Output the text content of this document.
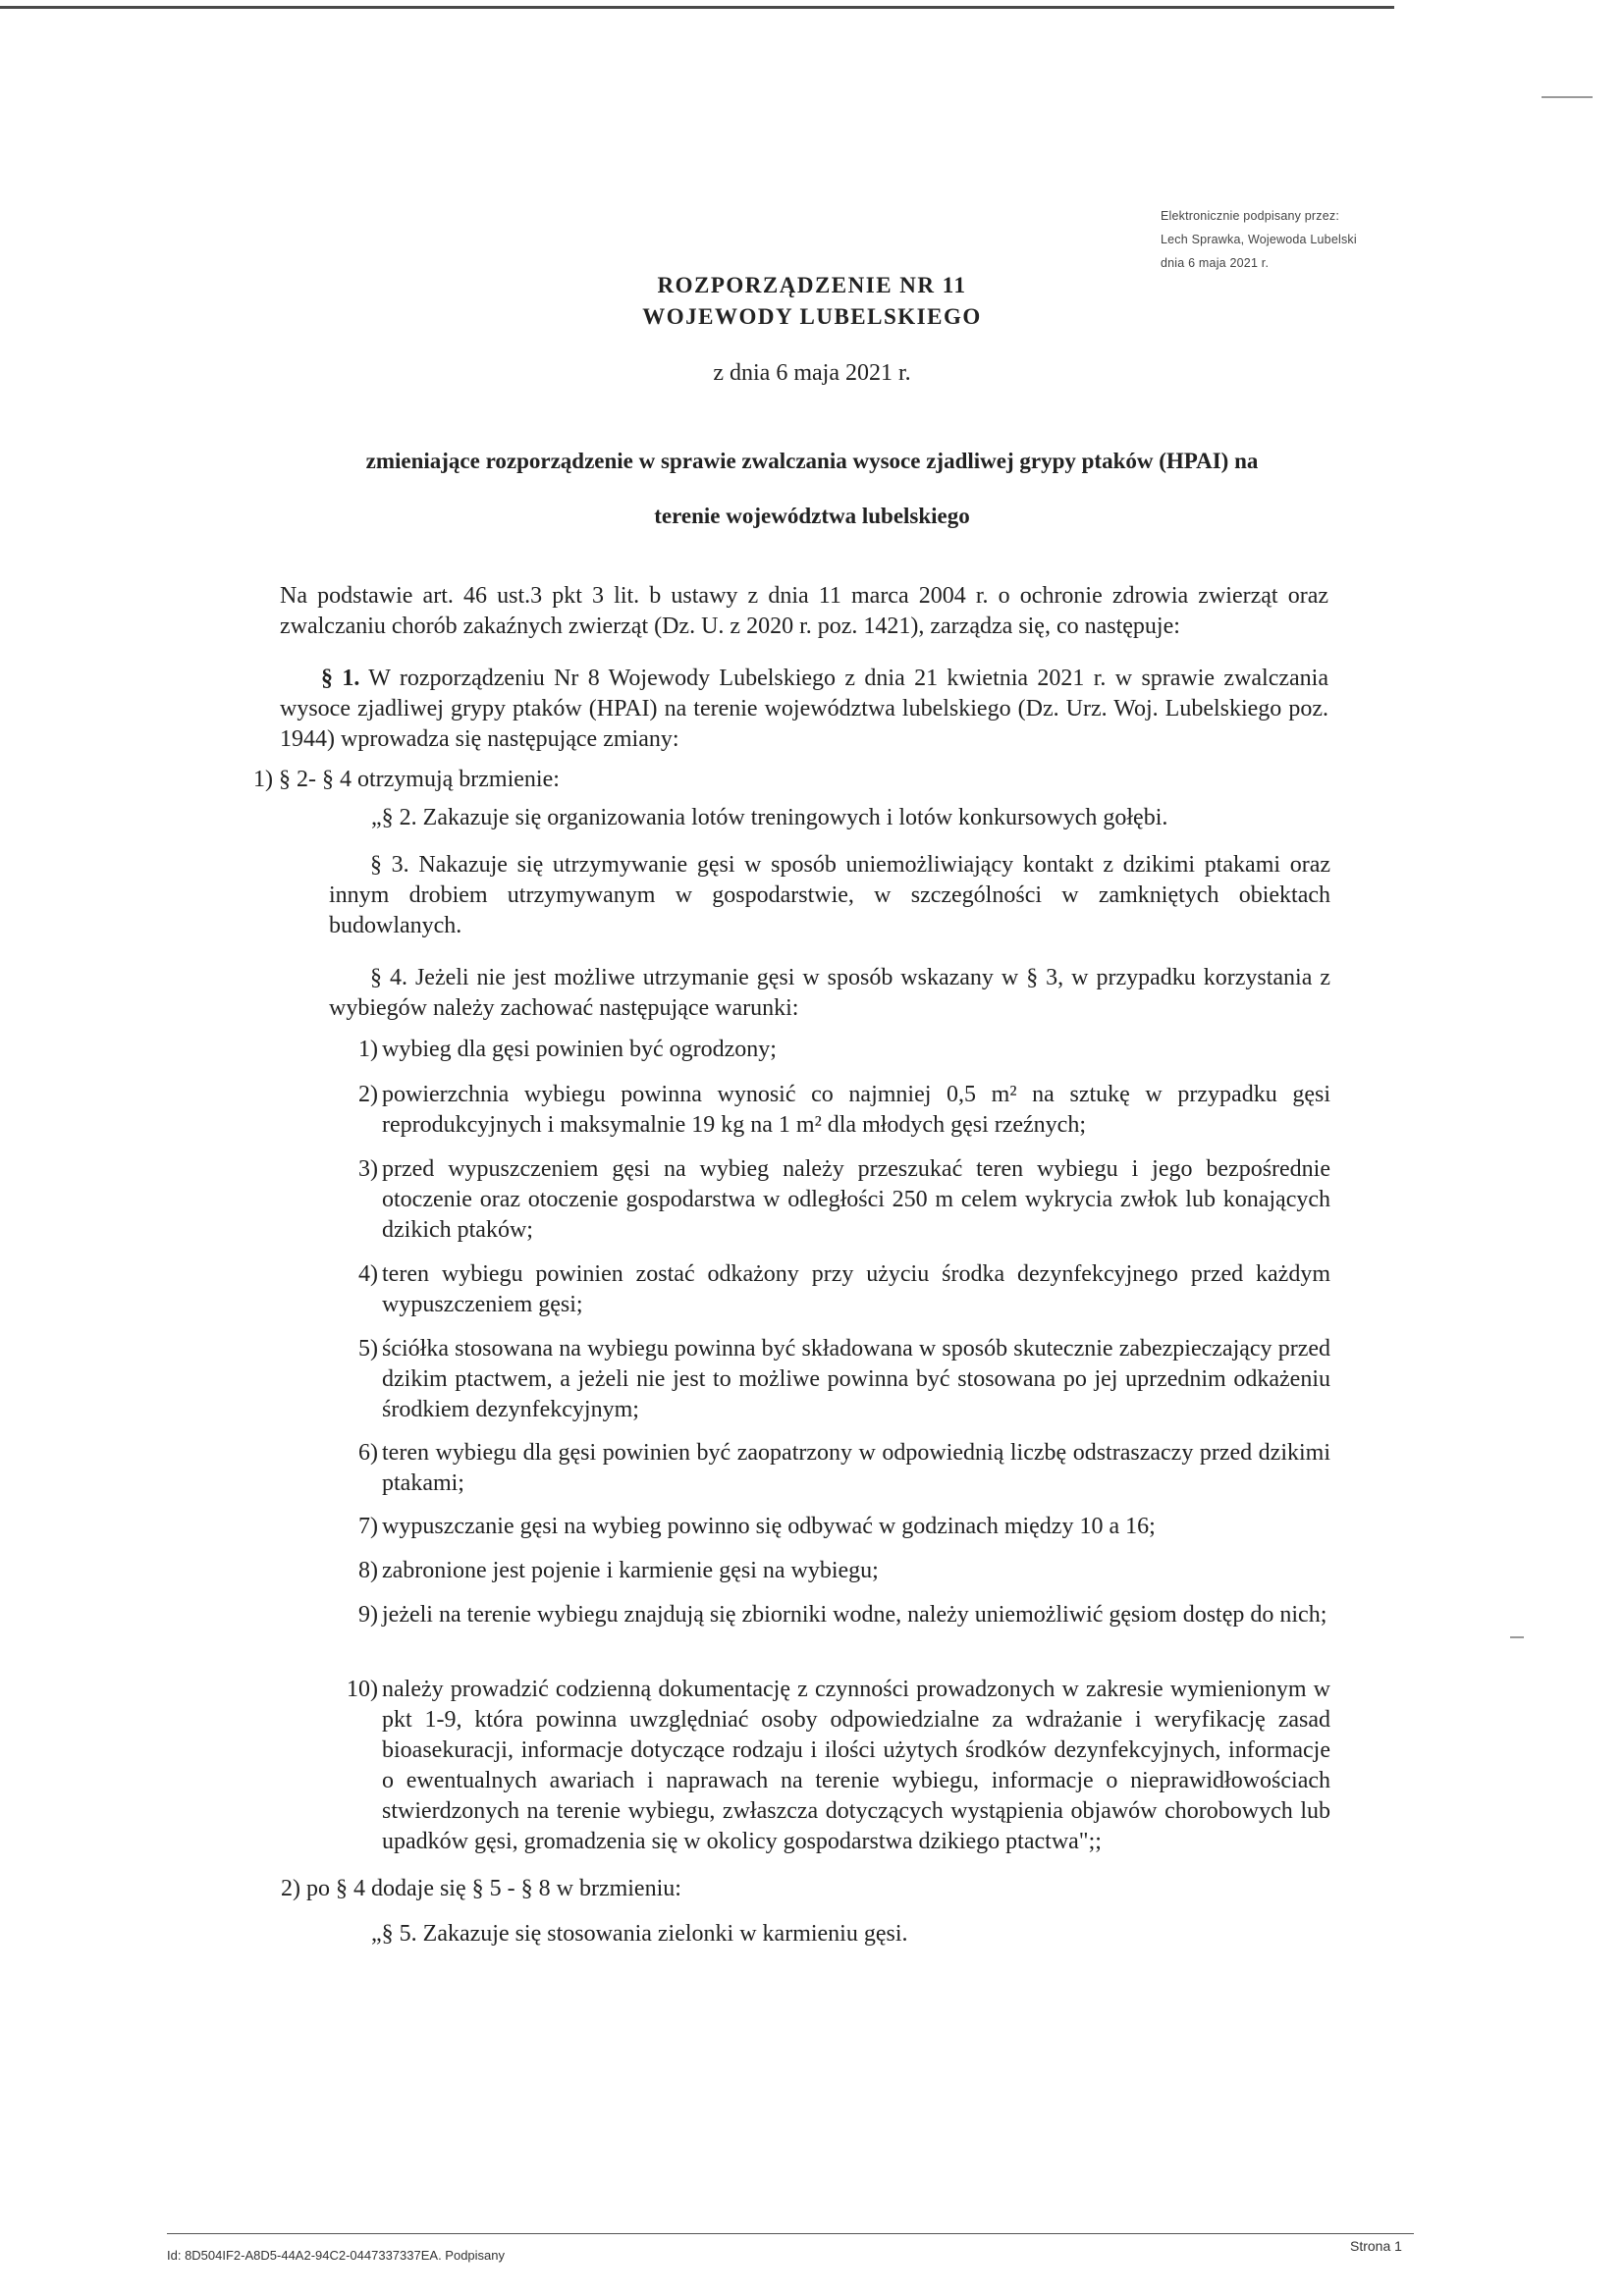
Elektronicznie podpisany przez:
Lech Sprawka, Wojewoda Lubelski
dnia 6 maja 2021 r.
ROZPORZĄDZENIE NR 11
WOJEWODY LUBELSKIEGO
z dnia 6 maja 2021 r.
zmieniające rozporządzenie w sprawie zwalczania wysoce zjadliwej grypy ptaków (HPAI) na
terenie województwa lubelskiego
Na podstawie art. 46 ust.3 pkt 3 lit. b ustawy z dnia 11 marca 2004 r. o ochronie zdrowia zwierząt oraz zwalczaniu chorób zakaźnych zwierząt (Dz. U. z 2020 r. poz. 1421), zarządza się, co następuje:
§ 1. W rozporządzeniu Nr 8 Wojewody Lubelskiego z dnia 21 kwietnia 2021 r. w sprawie zwalczania wysoce zjadliwej grypy ptaków (HPAI) na terenie województwa lubelskiego (Dz. Urz. Woj. Lubelskiego poz. 1944) wprowadza się następujące zmiany:
1) § 2- § 4 otrzymują brzmienie:
„§ 2. Zakazuje się organizowania lotów treningowych i lotów konkursowych gołębi.
§ 3. Nakazuje się utrzymywanie gęsi w sposób uniemożliwiający kontakt z dzikimi ptakami oraz innym drobiem utrzymywanym w gospodarstwie, w szczególności w zamkniętych obiektach budowlanych.
§ 4. Jeżeli nie jest możliwe utrzymanie gęsi w sposób wskazany w § 3, w przypadku korzystania z wybiegów należy zachować następujące warunki:
1) wybieg dla gęsi powinien być ogrodzony;
2) powierzchnia wybiegu powinna wynosić co najmniej 0,5 m² na sztukę w przypadku gęsi reprodukcyjnych i maksymalnie 19 kg na 1 m² dla młodych gęsi rzeźnych;
3) przed wypuszczeniem gęsi na wybieg należy przeszukać teren wybiegu i jego bezpośrednie otoczenie oraz otoczenie gospodarstwa w odległości 250 m celem wykrycia zwłok lub konających dzikich ptaków;
4) teren wybiegu powinien zostać odkażony przy użyciu środka dezynfekcyjnego przed każdym wypuszczeniem gęsi;
5) ściółka stosowana na wybiegu powinna być składowana w sposób skutecznie zabezpieczający przed dzikim ptactwem, a jeżeli nie jest to możliwe powinna być stosowana po jej uprzednim odkażeniu środkiem dezynfekcyjnym;
6) teren wybiegu dla gęsi powinien być zaopatrzony w odpowiednią liczbę odstraszaczy przed dzikimi ptakami;
7) wypuszczanie gęsi na wybieg powinno się odbywać w godzinach między 10 a 16;
8) zabronione jest pojenie i karmienie gęsi na wybiegu;
9) jeżeli na terenie wybiegu znajdują się zbiorniki wodne, należy uniemożliwić gęsiom dostęp do nich;
10) należy prowadzić codzienną dokumentację z czynności prowadzonych w zakresie wymienionym w pkt 1-9, która powinna uwzględniać osoby odpowiedzialne za wdrażanie i weryfikację zasad bioasekuracji, informacje dotyczące rodzaju i ilości użytych środków dezynfekcyjnych, informacje o ewentualnych awariach i naprawach na terenie wybiegu, informacje o nieprawidłowościach stwierdzonych na terenie wybiegu, zwłaszcza dotyczących wystąpienia objawów chorobowych lub upadków gęsi, gromadzenia się w okolicy gospodarstwa dzikiego ptactwa";;
2) po § 4 dodaje się § 5 - § 8 w brzmieniu:
„§ 5. Zakazuje się stosowania zielonki w karmieniu gęsi.
Id: 8D504IF2-A8D5-44A2-94C2-0447337337EA. Podpisany
Strona 1
